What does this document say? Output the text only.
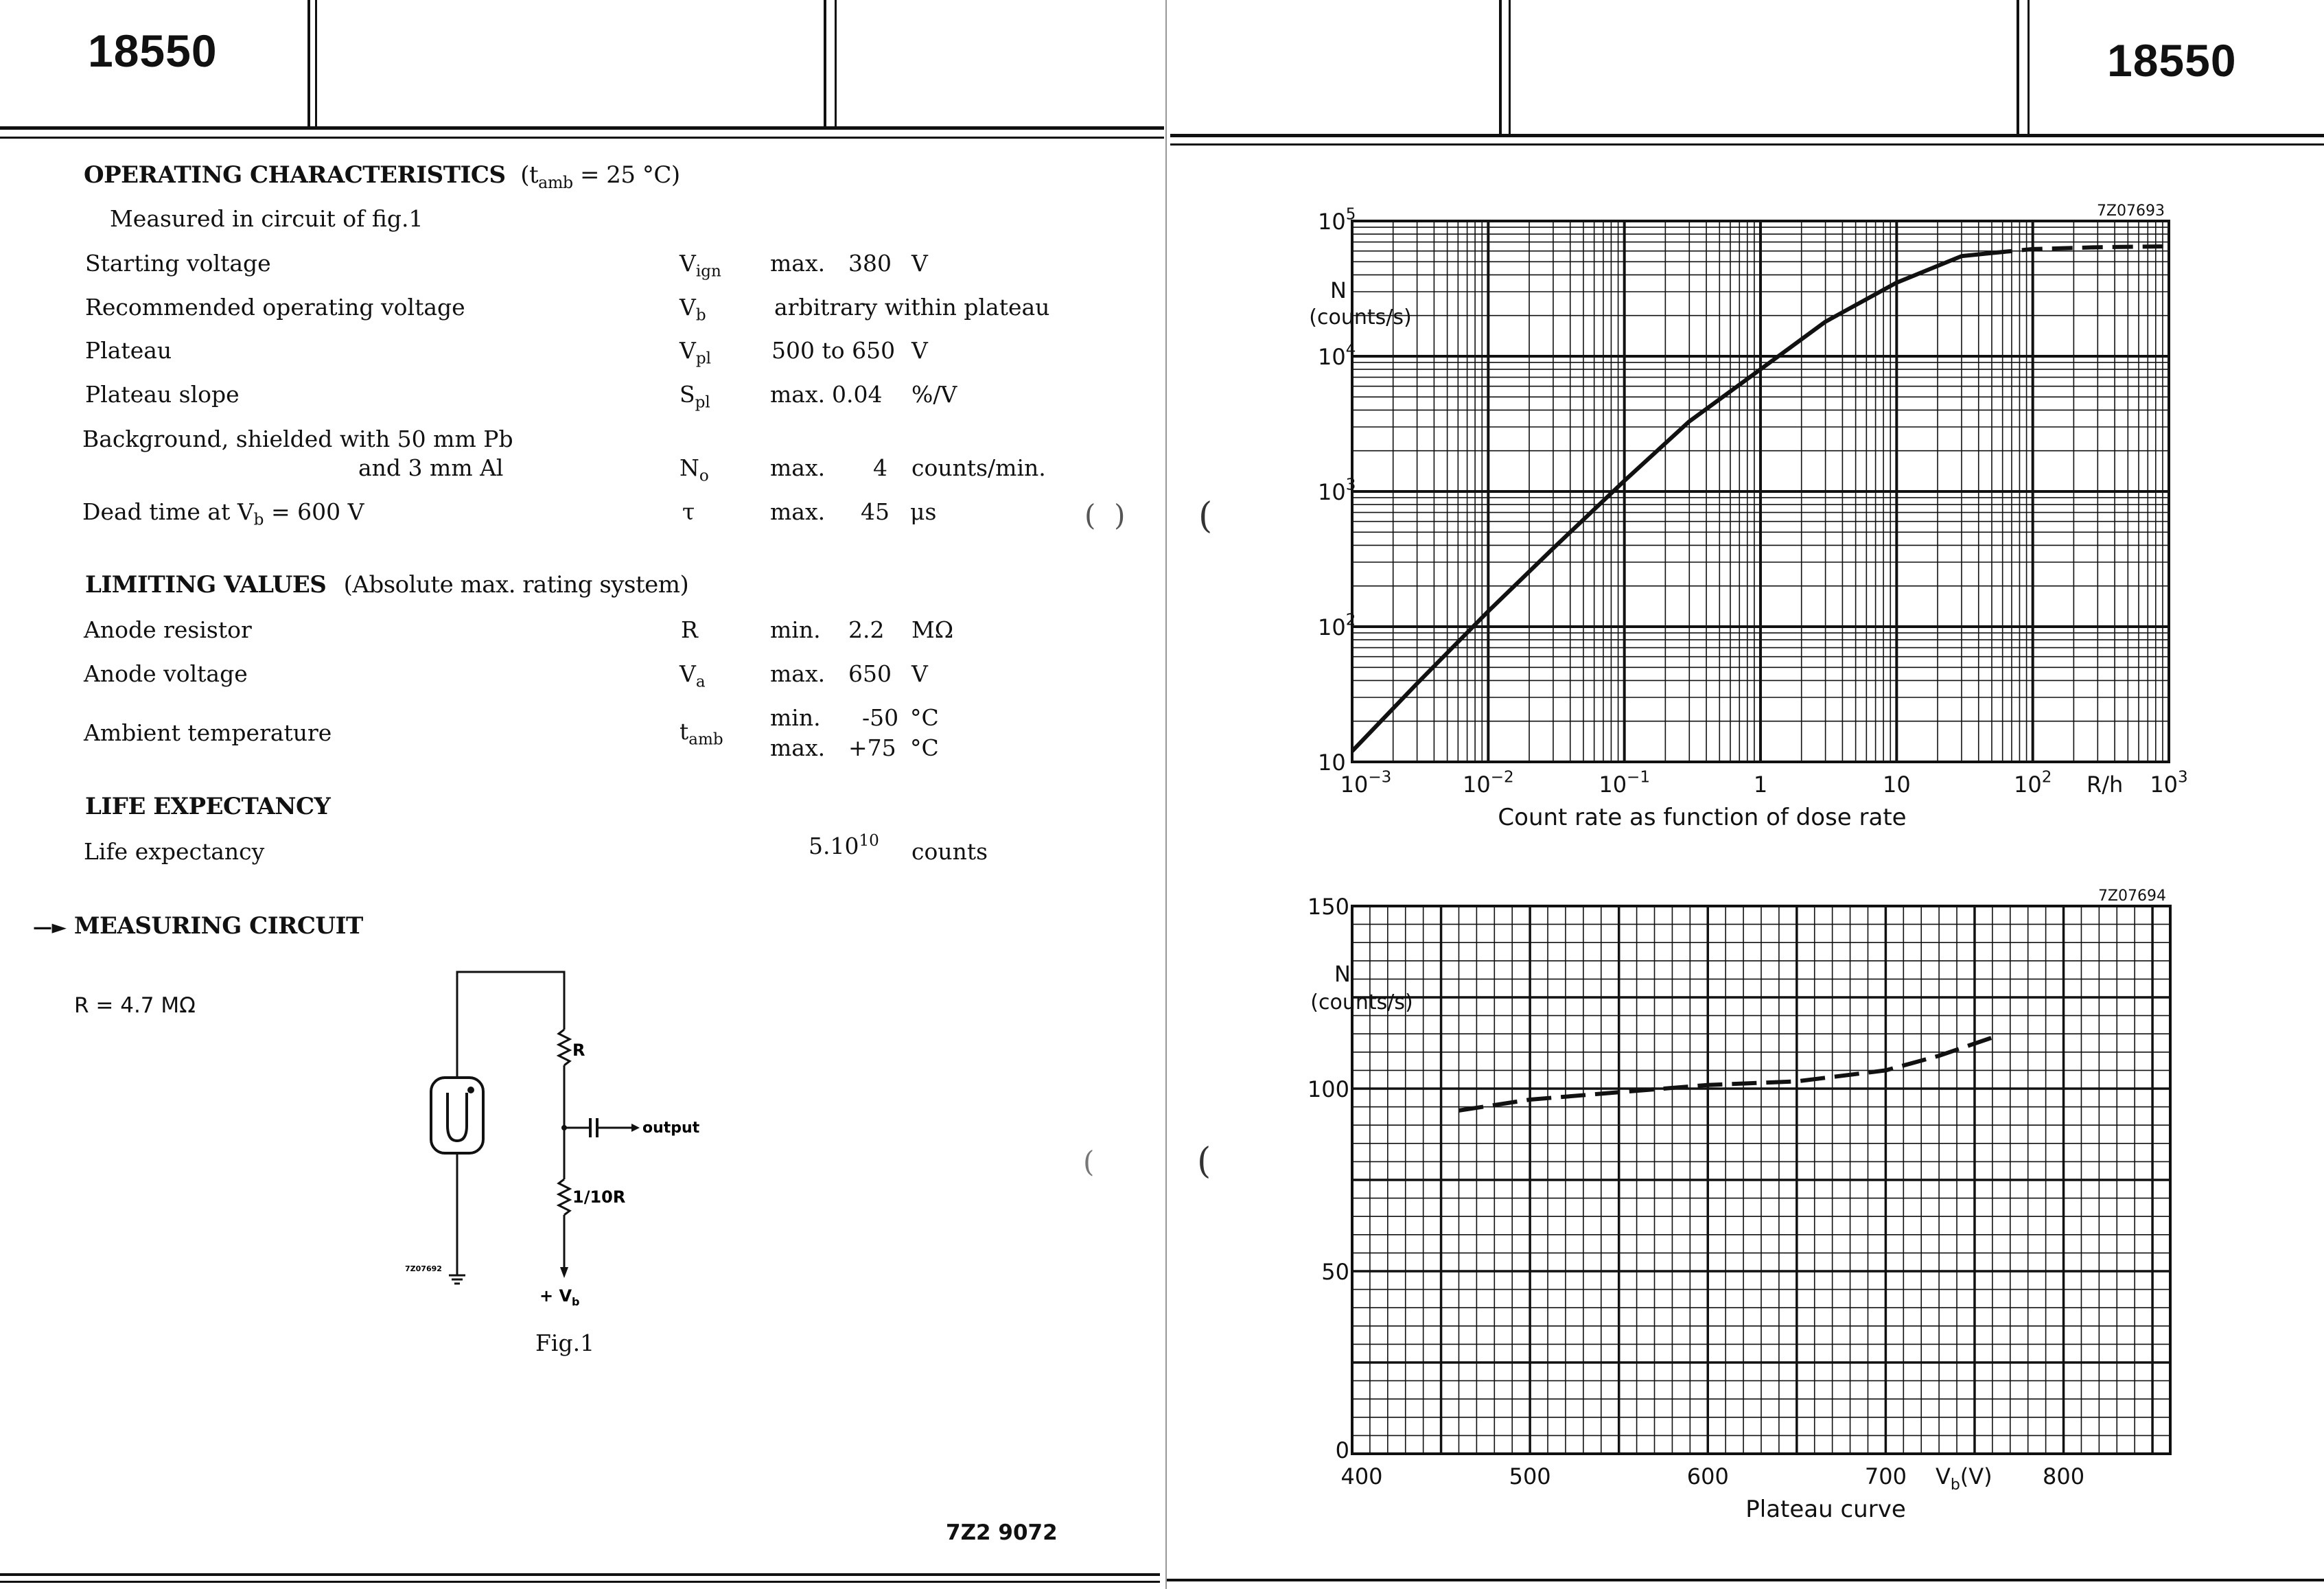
18550	18550
OPERATING CHARACTERISTICS ($t_{amb} = 25$ °C)
Measured in circuit of fig.1
Starting voltage	$V_{ign}$ max. 380 V
Recommended operating voltage	$V_b$	arbitrary within plateau
Plateau	$V_{pl}$	500 to 650 V
Plateau slope	$S_{pl}$	max. 0.04 %/V
Background, shielded with 50 mm Pb
and 3 mm Al	$N_o$	max. 4 counts/min.
Dead time at $V_b = 600$ V	τ	max. 45 μs
LIMITING VALUES (Absolute max. rating system)
Anode resistor	R	min. 2.2 MΩ
Anode voltage	$V_a$	max. 650 V
Ambient temperature	$t_{amb}$
min. -50 °C
max. +75 °C
LIFE EXPECTANCY
Life expectancy	5.10$^{10}$ counts
—► MEASURING CIRCUIT
R = 4.7 MΩ
R
output
1/10R
+ $V_b$
7Z07692
Fig.1
7Z2 9072
(  ) (
(
(
$10^{-3}$	$10^{-2}$	$10^{-1}$	1	10	$10^2$	$10^3$
10
$10^2$
$10^3$
$10^4$
$10^5$
N
(counts/s)
R/h
Count rate as function of dose rate
7Z07693
400	500	600	700	800
0
50
100
150
N
(counts/s)
$V_b(V)$
Plateau curve
7Z07694
